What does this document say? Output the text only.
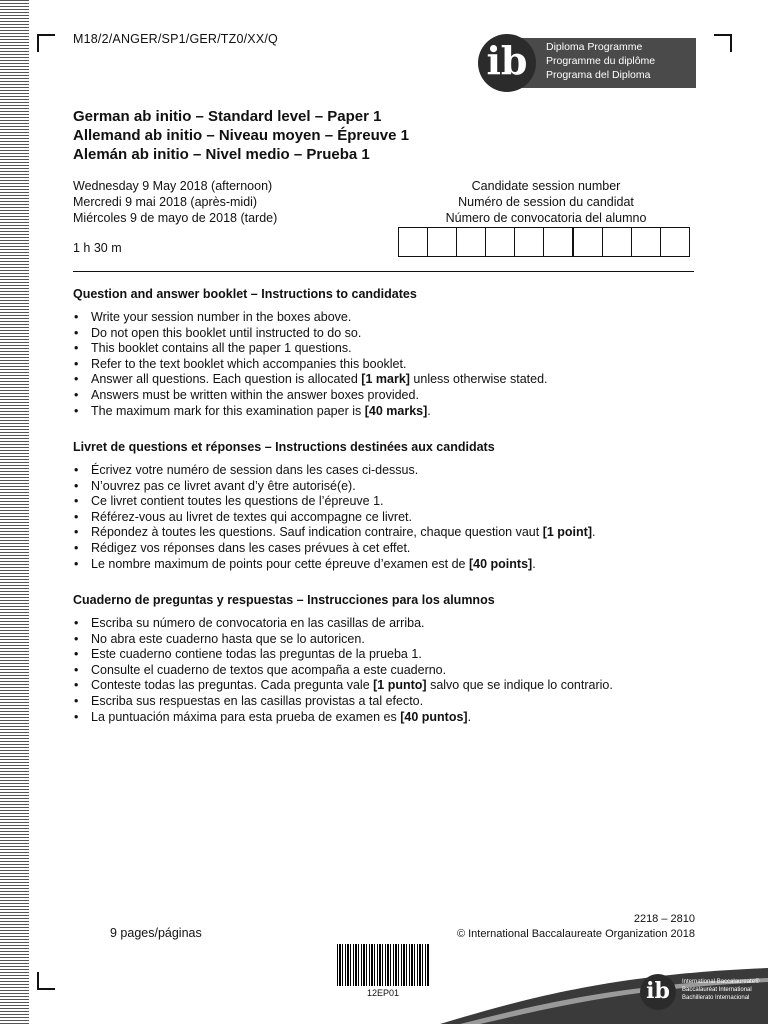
M18/2/ANGER/SP1/GER/TZ0/XX/Q	ib	Diploma Programme
Programme du diplôme
Programa del Diploma
German ab initio – Standard level – Paper 1
Allemand ab initio – Niveau moyen – Épreuve 1
Alemán ab initio – Nivel medio – Prueba 1
Wednesday 9 May 2018 (afternoon)
Mercredi 9 mai 2018 (après-midi)
Miércoles 9 de mayo de 2018 (tarde)
1 h 30 m
Candidate session number
Numéro de session du candidat
Número de convocatoria del alumno
Question and answer booklet – Instructions to candidates
• Write your session number in the boxes above.
• Do not open this booklet until instructed to do so.
• This booklet contains all the paper 1 questions.
• Refer to the text booklet which accompanies this booklet.
• Answer all questions. Each question is allocated [1 mark] unless otherwise stated.
• Answers must be written within the answer boxes provided.
• The maximum mark for this examination paper is [40 marks].
Livret de questions et réponses – Instructions destinées aux candidats
• Écrivez votre numéro de session dans les cases ci-dessus.
• N’ouvrez pas ce livret avant d’y être autorisé(e).
• Ce livret contient toutes les questions de l’épreuve 1.
• Référez-vous au livret de textes qui accompagne ce livret.
• Répondez à toutes les questions. Sauf indication contraire, chaque question vaut [1 point].
• Rédigez vos réponses dans les cases prévues à cet effet.
• Le nombre maximum de points pour cette épreuve d’examen est de [40 points].
Cuaderno de preguntas y respuestas – Instrucciones para los alumnos
• Escriba su número de convocatoria en las casillas de arriba.
• No abra este cuaderno hasta que se lo autoricen.
• Este cuaderno contiene todas las preguntas de la prueba 1.
• Consulte el cuaderno de textos que acompaña a este cuaderno.
• Conteste todas las preguntas. Cada pregunta vale [1 punto] salvo que se indique lo contrario.
• Escriba sus respuestas en las casillas provistas a tal efecto.
• La puntuación máxima para esta prueba de examen es [40 puntos].
9 pages/páginas
2218 – 2810
© International Baccalaureate Organization 2018
12EP01	ib	International Baccalaureate®
Baccalauréat International
Bachillerato Internacional
